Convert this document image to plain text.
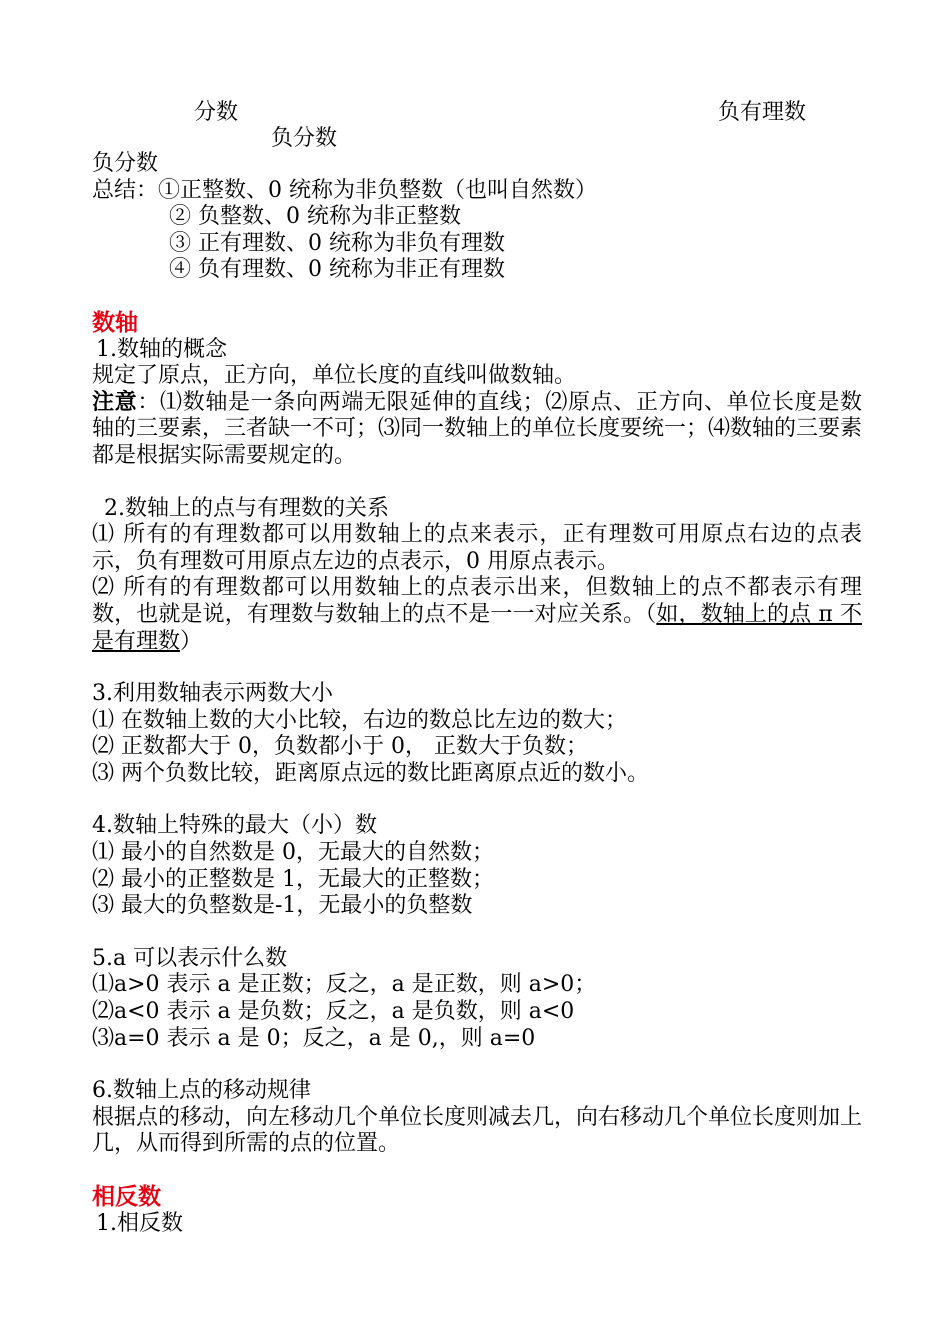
分数	负有理数
负分数
负分数
总结：①正整数、0 统称为非负整数（也叫自然数）
② 负整数、0 统称为非正整数
③ 正有理数、0 统称为非负有理数
④ 负有理数、0 统称为非正有理数
数轴
1.数轴的概念
规定了原点，正方向，单位长度的直线叫做数轴。
注意：⑴数轴是一条向两端无限延伸的直线；⑵原点、正方向、单位长度是数轴的三要素，三者缺一不可；⑶同一数轴上的单位长度要统一；⑷数轴的三要素都是根据实际需要规定的。
2.数轴上的点与有理数的关系
⑴ 所有的有理数都可以用数轴上的点来表示，正有理数可用原点右边的点表示，负有理数可用原点左边的点表示，0 用原点表示。
⑵ 所有的有理数都可以用数轴上的点表示出来，但数轴上的点不都表示有理数，也就是说，有理数与数轴上的点不是一一对应关系。（如，数轴上的点 π 不是有理数）
3.利用数轴表示两数大小
⑴ 在数轴上数的大小比较，右边的数总比左边的数大；
⑵ 正数都大于 0，负数都小于 0， 正数大于负数；
⑶ 两个负数比较，距离原点远的数比距离原点近的数小。
4.数轴上特殊的最大（小）数
⑴ 最小的自然数是 0，无最大的自然数；
⑵ 最小的正整数是 1，无最大的正整数；
⑶ 最大的负整数是-1，无最小的负整数
5.a 可以表示什么数
⑴a>0 表示 a 是正数；反之，a 是正数，则 a>0；
⑵a<0 表示 a 是负数；反之，a 是负数，则 a<0
⑶a=0 表示 a 是 0；反之，a 是 0,，则 a=0
6.数轴上点的移动规律
根据点的移动，向左移动几个单位长度则减去几，向右移动几个单位长度则加上几，从而得到所需的点的位置。
相反数
1.相反数
